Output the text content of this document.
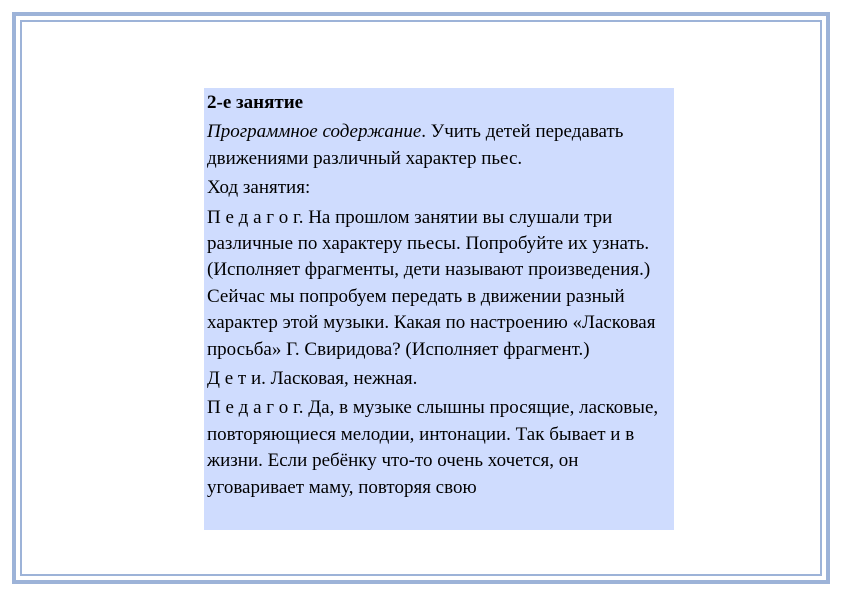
2-е занятие

Программное содержание. Учить детей передавать движениями различный характер пьес.

Ход занятия:

П е д а г о г. На прошлом занятии вы слушали три различные по характеру пьесы. Попробуйте их узнать. (Исполняет фрагменты, дети называют произведения.) Сейчас мы попробуем передать в движении разный характер этой музыки. Какая по настроению «Ласковая просьба» Г. Свиридова? (Исполняет фрагмент.)

Д е т и. Ласковая, нежная.

П е д а г о г. Да, в музыке слышны просящие, ласковые, повторяющиеся мелодии, интонации. Так бывает и в жизни. Если ребёнку что-то очень хочется, он уговаривает маму, повторяя свою
